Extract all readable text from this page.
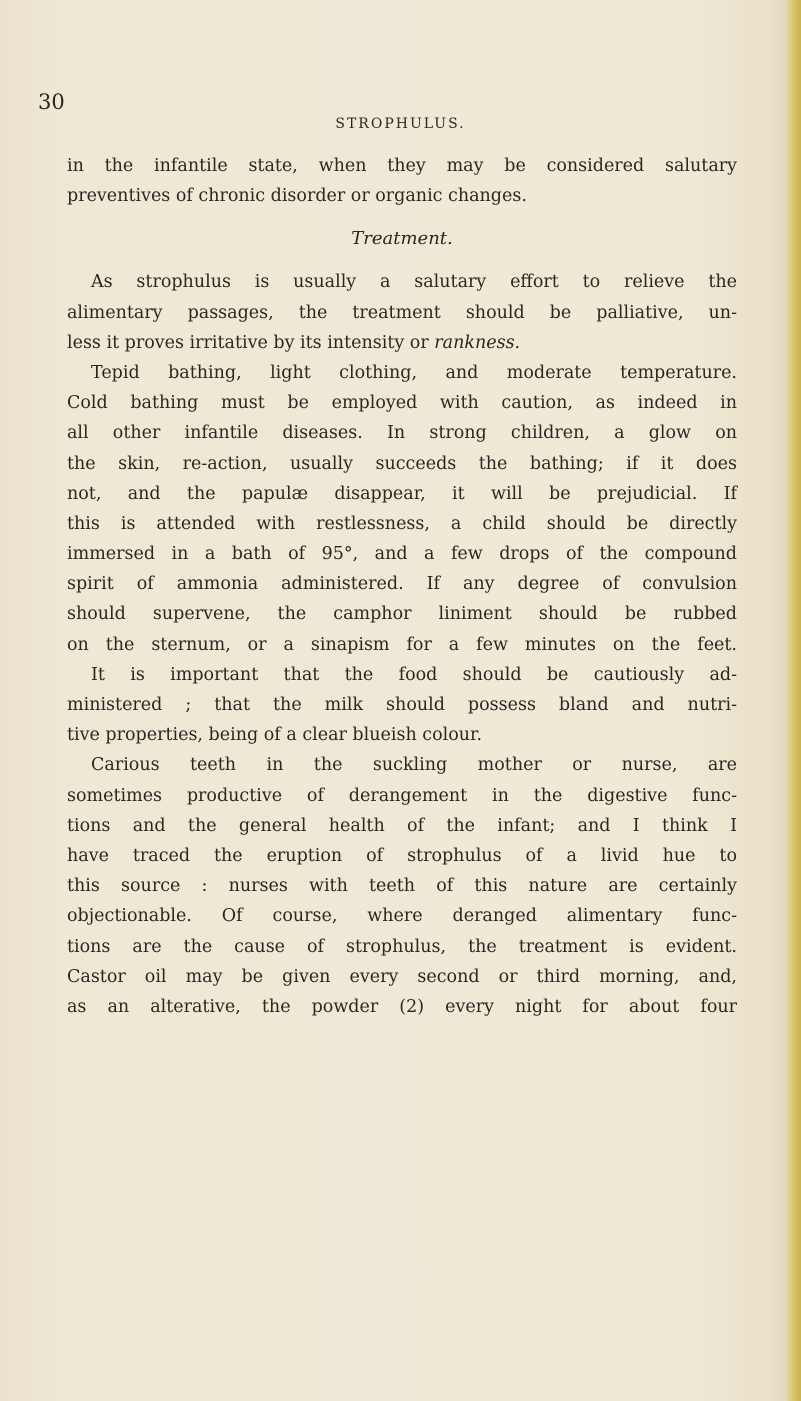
30
STROPHULUS.
in the infantile state, when they may be considered salutary
preventives of chronic disorder or organic changes.
Treatment.
As strophulus is usually a salutary effort to relieve the
alimentary passages, the treatment should be palliative, un-
less it proves irritative by its intensity or rankness.
Tepid bathing, light clothing, and moderate temperature.
Cold bathing must be employed with caution, as indeed in
all other infantile diseases. In strong children, a glow on
the skin, re-action, usually succeeds the bathing; if it does
not, and the papulæ disappear, it will be prejudicial. If
this is attended with restlessness, a child should be directly
immersed in a bath of 95°, and a few drops of the compound
spirit of ammonia administered. If any degree of convulsion
should supervene, the camphor liniment should be rubbed
on the sternum, or a sinapism for a few minutes on the feet.
It is important that the food should be cautiously ad-
ministered ; that the milk should possess bland and nutri-
tive properties, being of a clear blueish colour.
Carious teeth in the suckling mother or nurse, are
sometimes productive of derangement in the digestive func-
tions and the general health of the infant; and I think I
have traced the eruption of strophulus of a livid hue to
this source : nurses with teeth of this nature are certainly
objectionable. Of course, where deranged alimentary func-
tions are the cause of strophulus, the treatment is evident.
Castor oil may be given every second or third morning, and,
as an alterative, the powder (2) every night for about four
